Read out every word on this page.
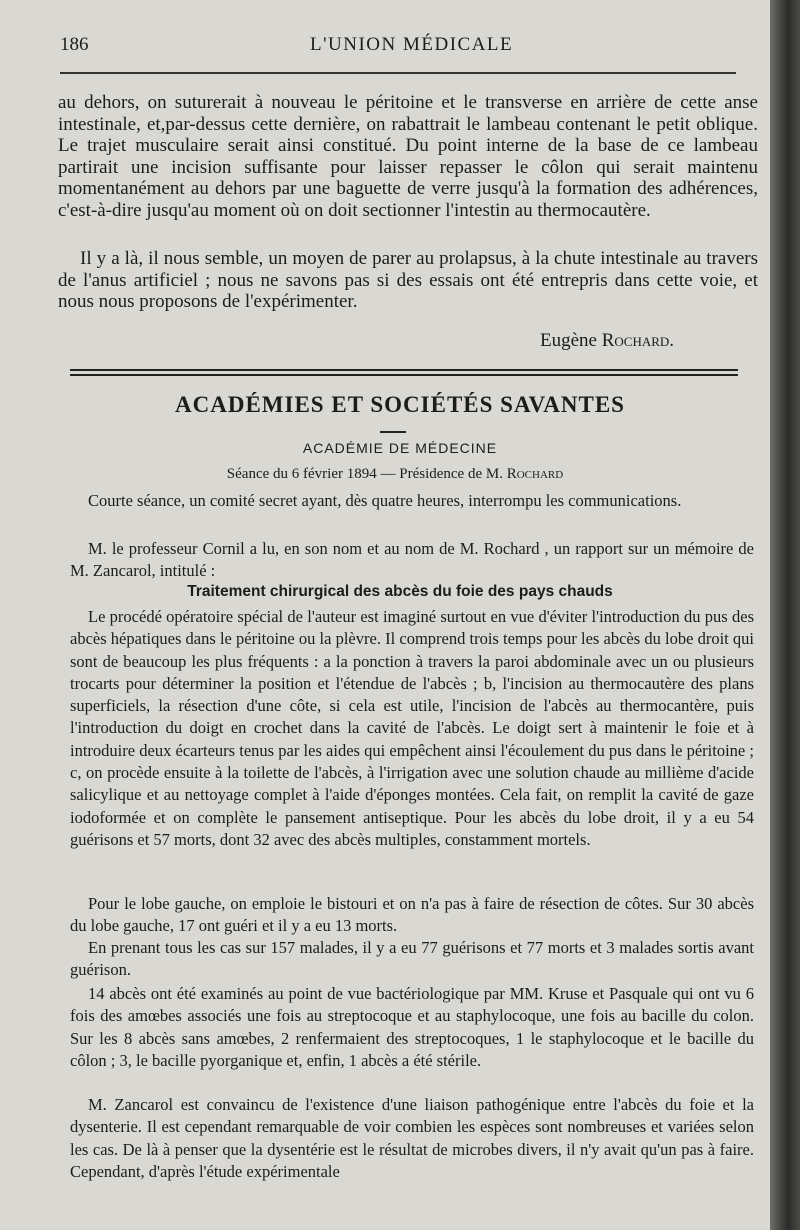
186	L'UNION MÉDICALE
au dehors, on suturerait à nouveau le péritoine et le transverse en arrière de cette anse intestinale, et,par-dessus cette dernière, on rabattrait le lambeau contenant le petit oblique. Le trajet musculaire serait ainsi constitué. Du point interne de la base de ce lambeau partirait une incision suffisante pour laisser repasser le côlon qui serait maintenu momentanément au dehors par une baguette de verre jusqu'à la formation des adhérences, c'est-à-dire jusqu'au moment où on doit sectionner l'intestin au thermocautère.
Il y a là, il nous semble, un moyen de parer au prolapsus, à la chute intestinale au travers de l'anus artificiel ; nous ne savons pas si des essais ont été entrepris dans cette voie, et nous nous proposons de l'expérimenter.
Eugène Rochard.
ACADÉMIES ET SOCIÉTÉS SAVANTES
ACADÉMIE DE MÉDECINE
Séance du 6 février 1894 — Présidence de M. Rochard
Courte séance, un comité secret ayant, dès quatre heures, interrompu les communications.
M. le professeur Cornil a lu, en son nom et au nom de M. Rochard , un rapport sur un mémoire de M. Zancarol, intitulé :
Traitement chirurgical des abcès du foie des pays chauds
Le procédé opératoire spécial de l'auteur est imaginé surtout en vue d'éviter l'introduction du pus des abcès hépatiques dans le péritoine ou la plèvre. Il comprend trois temps pour les abcès du lobe droit qui sont de beaucoup les plus fréquents : a la ponction à travers la paroi abdominale avec un ou plusieurs trocarts pour déterminer la position et l'étendue de l'abcès ; b, l'incision au thermocautère des plans superficiels, la résection d'une côte, si cela est utile, l'incision de l'abcès au thermocantère, puis l'introduction du doigt en crochet dans la cavité de l'abcès. Le doigt sert à maintenir le foie et à introduire deux écarteurs tenus par les aides qui empêchent ainsi l'écoulement du pus dans le péritoine ; c, on procède ensuite à la toilette de l'abcès, à l'irrigation avec une solution chaude au millième d'acide salicylique et au nettoyage complet à l'aide d'éponges montées. Cela fait, on remplit la cavité de gaze iodoformée et on complète le pansement antiseptique. Pour les abcès du lobe droit, il y a eu 54 guérisons et 57 morts, dont 32 avec des abcès multiples, constamment mortels.
Pour le lobe gauche, on emploie le bistouri et on n'a pas à faire de résection de côtes. Sur 30 abcès du lobe gauche, 17 ont guéri et il y a eu 13 morts.
En prenant tous les cas sur 157 malades, il y a eu 77 guérisons et 77 morts et 3 malades sortis avant guérison.
14 abcès ont été examinés au point de vue bactériologique par MM. Kruse et Pasquale qui ont vu 6 fois des amœbes associés une fois au streptocoque et au staphylocoque, une fois au bacille du colon. Sur les 8 abcès sans amœbes, 2 renfermaient des streptocoques, 1 le staphylocoque et le bacille du côlon ; 3, le bacille pyorganique et, enfin, 1 abcès a été stérile.
M. Zancarol est convaincu de l'existence d'une liaison pathogénique entre l'abcès du foie et la dysenterie. Il est cependant remarquable de voir combien les espèces sont nombreuses et variées selon les cas. De là à penser que la dysentérie est le résultat de microbes divers, il n'y avait qu'un pas à faire. Cependant, d'après l'étude expérimentale
